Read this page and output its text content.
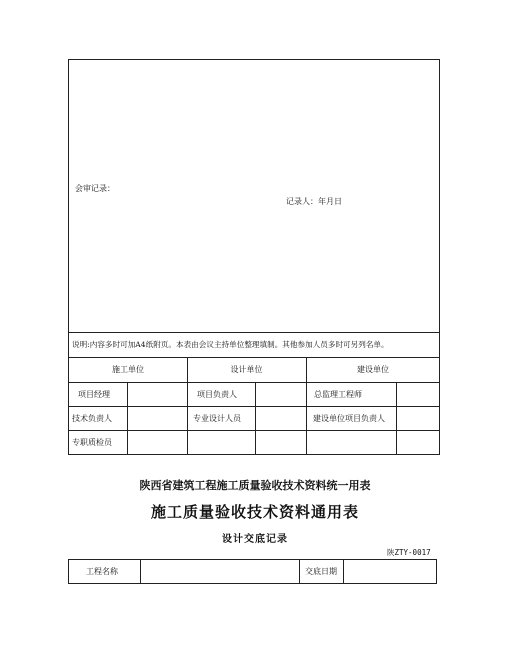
会审记录：
记录人：年月日
说明:内容多时可加A4纸附页。本表由会议主持单位整理填制。其他参加人员多时可另列名单。
施工单位	设计单位	建设单位
项目经理	项目负责人	总监理工程师
技术负责人	专业设计人员	建设单位项目负责人
专职质检员
陕西省建筑工程施工质量验收技术资料统一用表
施工质量验收技术资料通用表
设计交底记录
陕ZTY-0017
工程名称	交底日期
